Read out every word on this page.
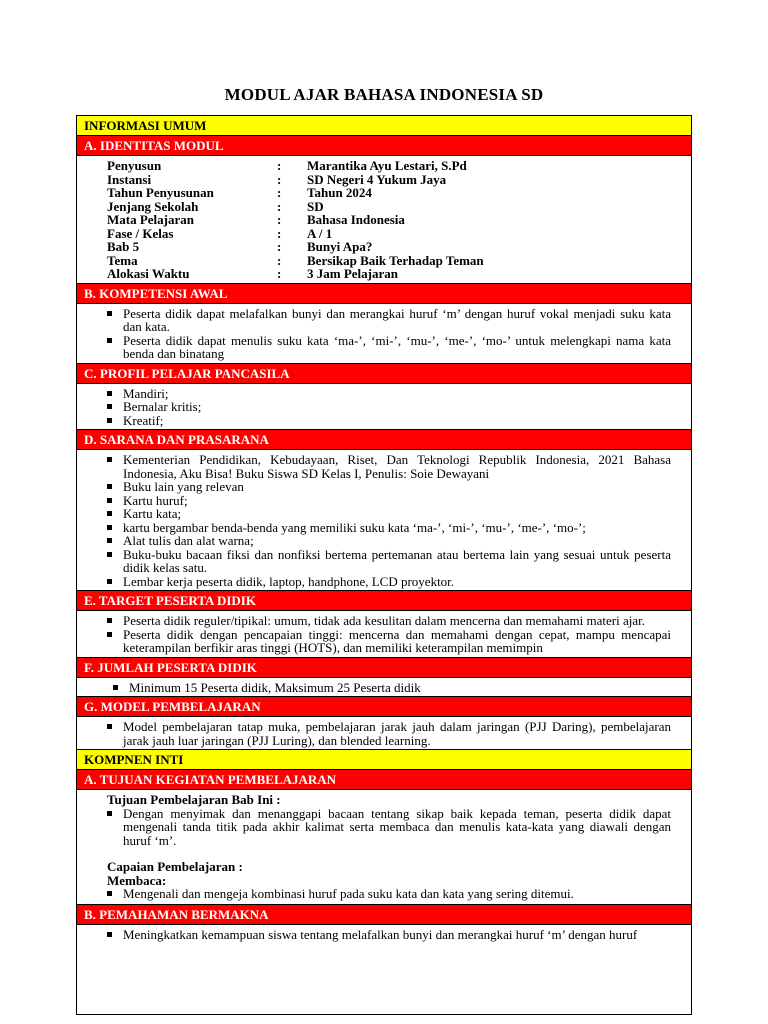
MODUL AJAR BAHASA INDONESIA SD
INFORMASI UMUM
A. IDENTITAS MODUL
Penyusun	:	Marantika Ayu Lestari, S.Pd
Instansi	:	SD Negeri 4 Yukum Jaya
Tahun Penyusunan	:	Tahun 2024
Jenjang Sekolah	:	SD
Mata Pelajaran	:	Bahasa Indonesia
Fase / Kelas	:	A / 1
Bab 5	:	Bunyi Apa?
Tema	:	Bersikap Baik Terhadap Teman
Alokasi Waktu	:	3 Jam Pelajaran
B. KOMPETENSI AWAL
Peserta didik dapat melafalkan bunyi dan merangkai huruf ‘m’ dengan huruf vokal menjadi suku kata dan kata.
Peserta didik dapat menulis suku kata ‘ma-’, ‘mi-’, ‘mu-’, ‘me-’, ‘mo-’ untuk melengkapi nama kata benda dan binatang
C. PROFIL PELAJAR PANCASILA
Mandiri;
Bernalar kritis;
Kreatif;
D. SARANA DAN PRASARANA
Kementerian Pendidikan, Kebudayaan, Riset, Dan Teknologi Republik Indonesia, 2021 Bahasa Indonesia, Aku Bisa! Buku Siswa SD Kelas I, Penulis: Soie Dewayani
Buku lain yang relevan
Kartu huruf;
Kartu kata;
kartu bergambar benda-benda yang memiliki suku kata ‘ma-’, ‘mi-’, ‘mu-’, ‘me-’, ‘mo-’;
Alat tulis dan alat warna;
Buku-buku bacaan fiksi dan nonfiksi bertema pertemanan atau bertema lain yang sesuai untuk peserta didik kelas satu.
Lembar kerja peserta didik, laptop, handphone, LCD proyektor.
E. TARGET PESERTA DIDIK
Peserta didik reguler/tipikal: umum, tidak ada kesulitan dalam mencerna dan memahami materi ajar.
Peserta didik dengan pencapaian tinggi: mencerna dan memahami dengan cepat, mampu mencapai keterampilan berfikir aras tinggi (HOTS), dan memiliki keterampilan memimpin
F. JUMLAH PESERTA DIDIK
Minimum 15 Peserta didik, Maksimum 25 Peserta didik
G. MODEL PEMBELAJARAN
Model pembelajaran tatap muka, pembelajaran jarak jauh dalam jaringan (PJJ Daring), pembelajaran jarak jauh luar jaringan (PJJ Luring), dan blended learning.
KOMPNEN INTI
A. TUJUAN KEGIATAN PEMBELAJARAN
Tujuan Pembelajaran Bab Ini :
Dengan menyimak dan menanggapi bacaan tentang sikap baik kepada teman, peserta didik dapat mengenali tanda titik pada akhir kalimat serta membaca dan menulis kata-kata yang diawali dengan huruf ‘m’.
Capaian Pembelajaran :
Membaca:
Mengenali dan mengeja kombinasi huruf pada suku kata dan kata yang sering ditemui.
B. PEMAHAMAN BERMAKNA
Meningkatkan kemampuan siswa tentang melafalkan bunyi dan merangkai huruf ‘m’ dengan huruf
